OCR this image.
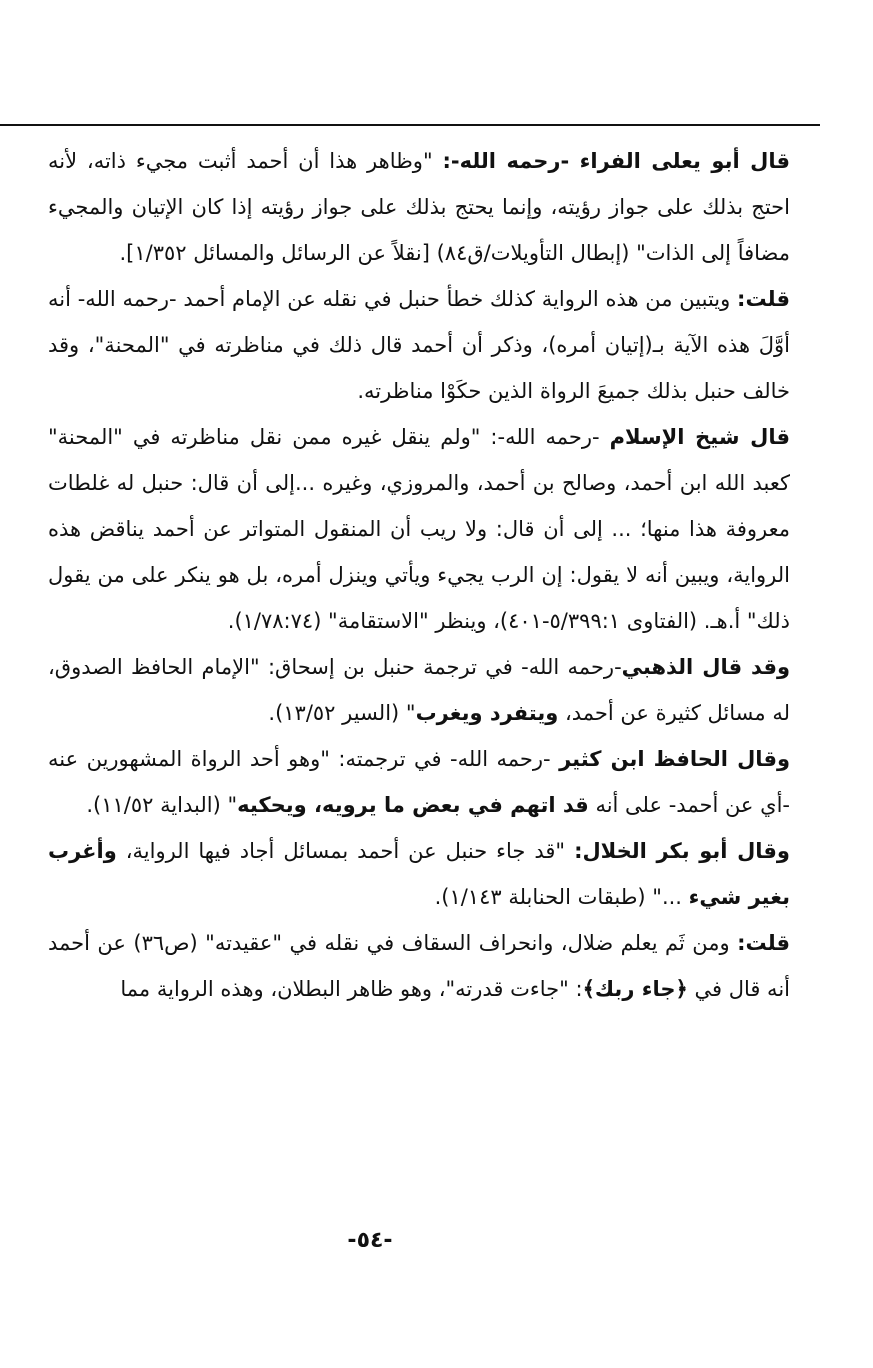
قال أبو يعلى الفراء -رحمه الله-: "وظاهر هذا أن أحمد أثبت مجيء ذاته، لأنه احتج بذلك على جواز رؤيته، وإنما يحتج بذلك على جواز رؤيته إذا كان الإتيان والمجيء مضافاً إلى الذات" (إبطال التأويلات/ق٨٤) [نقلاً عن الرسائل والمسائل ١/٣٥٢].

قلت: ويتبين من هذه الرواية كذلك خطأ حنبل في نقله عن الإمام أحمد -رحمه الله- أنه أوَّلَ هذه الآية بـ(إتيان أمره)، وذكر أن أحمد قال ذلك في مناظرته في "المحنة"، وقد خالف حنبل بذلك جميعَ الرواة الذين حكَوْا مناظرته.

قال شيخ الإسلام -رحمه الله-: "ولم ينقل غيره ممن نقل مناظرته في "المحنة" كعبد الله ابن أحمد، وصالح بن أحمد، والمروزي، وغيره ...إلى أن قال: حنبل له غلطات معروفة هذا منها؛ ... إلى أن قال: ولا ريب أن المنقول المتواتر عن أحمد يناقض هذه الرواية، ويبين أنه لا يقول: إن الرب يجيء ويأتي وينزل أمره، بل هو ينكر على من يقول ذلك" أ.هـ. (الفتاوى ٥/٣٩٩:١-٤٠١)، وينظر "الاستقامة" (١/٧٨:٧٤).

وقد قال الذهبي-رحمه الله- في ترجمة حنبل بن إسحاق: "الإمام الحافظ الصدوق، له مسائل كثيرة عن أحمد، ويتفرد ويغرب" (السير ١٣/٥٢).

وقال الحافظ ابن كثير -رحمه الله- في ترجمته: "وهو أحد الرواة المشهورين عنه -أي عن أحمد- على أنه قد اتهم في بعض ما يرويه، ويحكيه" (البداية ١١/٥٢).

وقال أبو بكر الخلال: "قد جاء حنبل عن أحمد بمسائل أجاد فيها الرواية، وأغرب بغير شيء ..." (طبقات الحنابلة ١/١٤٣).

قلت: ومن ثَم يعلم ضلال، وانحراف السقاف في نقله في "عقيدته" (ص٣٦) عن أحمد أنه قال في ﴿جاء ربك﴾: "جاءت قدرته"، وهو ظاهر البطلان، وهذه الرواية مما

-٥٤-
